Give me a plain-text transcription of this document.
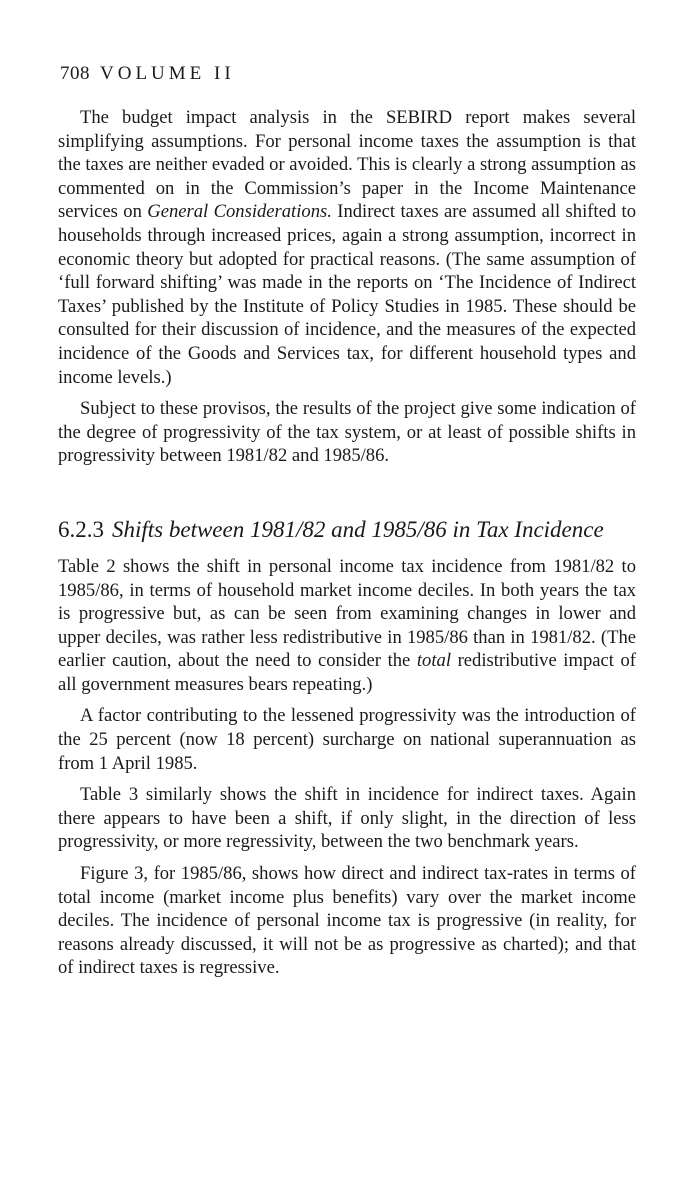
708 VOLUME II

The budget impact analysis in the SEBIRD report makes several simplifying assumptions. For personal income taxes the assumption is that the taxes are neither evaded or avoided. This is clearly a strong assumption as commented on in the Commission’s paper in the Income Maintenance services on General Considerations. Indirect taxes are assumed all shifted to households through increased prices, again a strong assumption, incorrect in economic theory but adopted for practical reasons. (The same assumption of ‘full forward shifting’ was made in the reports on ‘The Incidence of Indirect Taxes’ published by the Institute of Policy Studies in 1985. These should be consulted for their discussion of incidence, and the measures of the expected incidence of the Goods and Services tax, for different household types and income levels.)

Subject to these provisos, the results of the project give some indication of the degree of progressivity of the tax system, or at least of possible shifts in progressivity between 1981/82 and 1985/86.

6.2.3 Shifts between 1981/82 and 1985/86 in Tax Incidence

Table 2 shows the shift in personal income tax incidence from 1981/82 to 1985/86, in terms of household market income deciles. In both years the tax is progressive but, as can be seen from examining changes in lower and upper deciles, was rather less redistributive in 1985/86 than in 1981/82. (The earlier caution, about the need to consider the total redistributive impact of all government measures bears repeating.)

A factor contributing to the lessened progressivity was the introduction of the 25 percent (now 18 percent) surcharge on national superannuation as from 1 April 1985.

Table 3 similarly shows the shift in incidence for indirect taxes. Again there appears to have been a shift, if only slight, in the direction of less progressivity, or more regressivity, between the two benchmark years.

Figure 3, for 1985/86, shows how direct and indirect tax-rates in terms of total income (market income plus benefits) vary over the market income deciles. The incidence of personal income tax is progressive (in reality, for reasons already discussed, it will not be as progressive as charted); and that of indirect taxes is regressive.
